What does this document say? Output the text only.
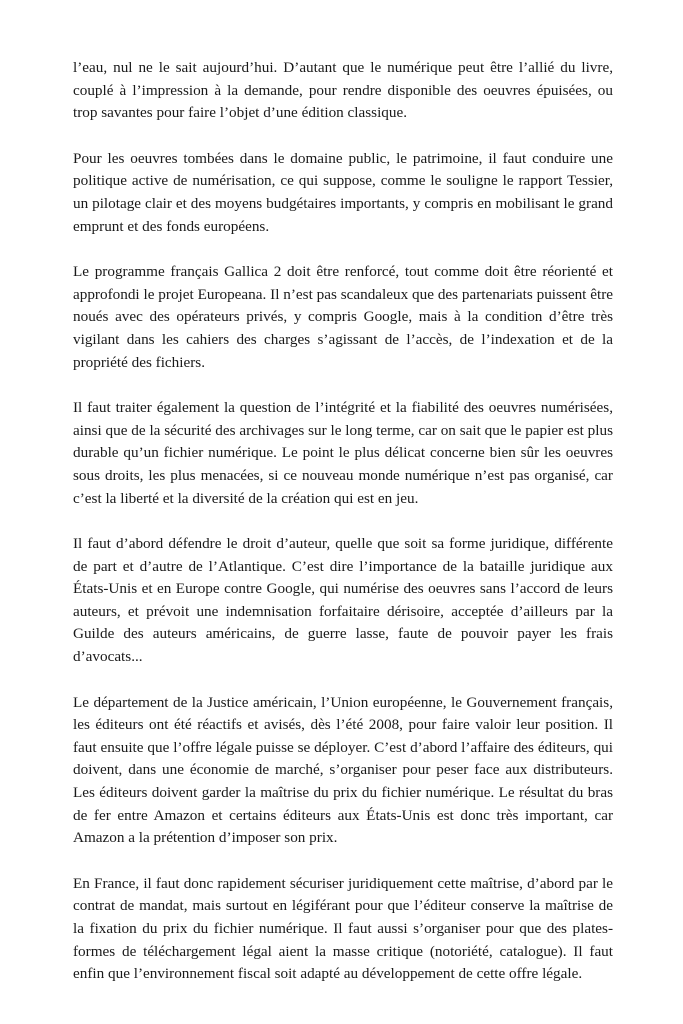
l’eau, nul ne le sait aujourd’hui. D’autant que le numérique peut être l’allié du livre, couplé à l’impression à la demande, pour rendre disponible des oeuvres épuisées, ou trop savantes pour faire l’objet d’une édition classique.

Pour les oeuvres tombées dans le domaine public, le patrimoine, il faut conduire une politique active de numérisation, ce qui suppose, comme le souligne le rapport Tessier, un pilotage clair et des moyens budgétaires importants, y compris en mobilisant le grand emprunt et des fonds européens.

Le programme français Gallica 2 doit être renforcé, tout comme doit être réorienté et approfondi le projet Europeana. Il n’est pas scandaleux que des partenariats puissent être noués avec des opérateurs privés, y compris Google, mais à la condition d’être très vigilant dans les cahiers des charges s’agissant de l’accès, de l’indexation et de la propriété des fichiers.

Il faut traiter également la question de l’intégrité et la fiabilité des oeuvres numérisées, ainsi que de la sécurité des archivages sur le long terme, car on sait que le papier est plus durable qu’un fichier numérique. Le point le plus délicat concerne bien sûr les oeuvres sous droits, les plus menacées, si ce nouveau monde numérique n’est pas organisé, car c’est la liberté et la diversité de la création qui est en jeu.

Il faut d’abord défendre le droit d’auteur, quelle que soit sa forme juridique, différente de part et d’autre de l’Atlantique. C’est dire l’importance de la bataille juridique aux États-Unis et en Europe contre Google, qui numérise des oeuvres sans l’accord de leurs auteurs, et prévoit une indemnisation forfaitaire dérisoire, acceptée d’ailleurs par la Guilde des auteurs américains, de guerre lasse, faute de pouvoir payer les frais d’avocats...

Le département de la Justice américain, l’Union européenne, le Gouvernement français, les éditeurs ont été réactifs et avisés, dès l’été 2008, pour faire valoir leur position. Il faut ensuite que l’offre légale puisse se déployer. C’est d’abord l’affaire des éditeurs, qui doivent, dans une économie de marché, s’organiser pour peser face aux distributeurs. Les éditeurs doivent garder la maîtrise du prix du fichier numérique. Le résultat du bras de fer entre Amazon et certains éditeurs aux États-Unis est donc très important, car Amazon a la prétention d’imposer son prix.

En France, il faut donc rapidement sécuriser juridiquement cette maîtrise, d’abord par le contrat de mandat, mais surtout en légiférant pour que l’éditeur conserve la maîtrise de la fixation du prix du fichier numérique. Il faut aussi s’organiser pour que des plates-formes de téléchargement légal aient la masse critique (notoriété, catalogue). Il faut enfin que l’environnement fiscal soit adapté au développement de cette offre légale.
